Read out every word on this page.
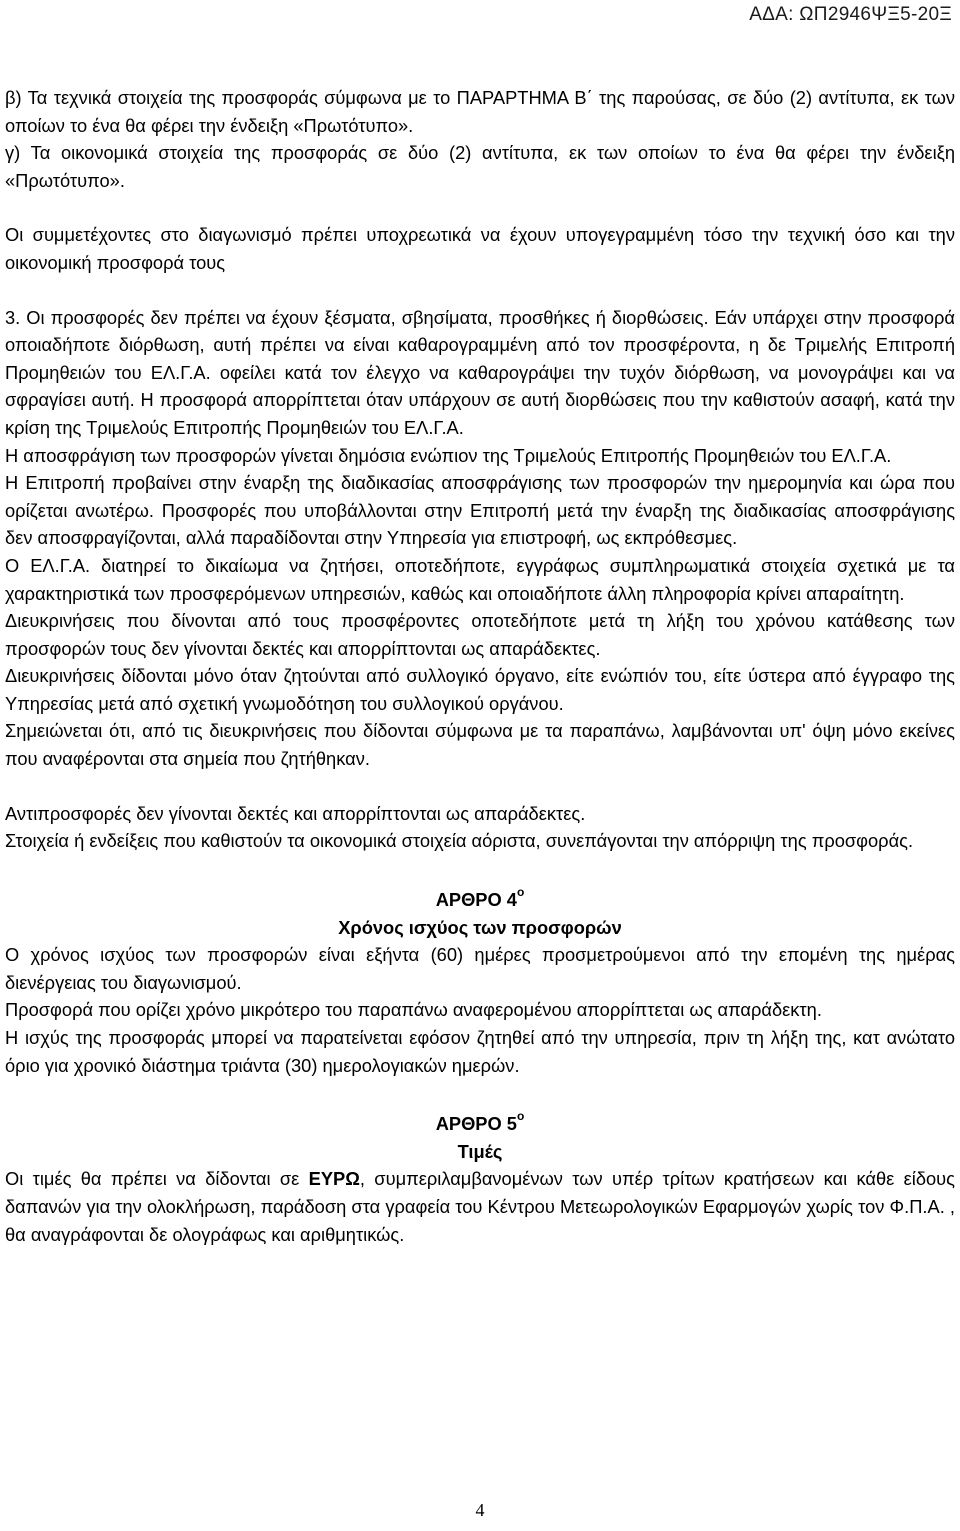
ΑΔΑ: ΩΠ2946ΨΞ5-20Ξ

β) Τα τεχνικά στοιχεία της προσφοράς σύμφωνα με το ΠΑΡΑΡΤΗΜΑ Β΄ της παρούσας, σε δύο (2) αντίτυπα, εκ των οποίων το ένα θα φέρει την ένδειξη «Πρωτότυπο».

γ) Τα οικονομικά στοιχεία της προσφοράς σε δύο (2) αντίτυπα, εκ των οποίων το ένα θα φέρει την ένδειξη «Πρωτότυπο».

Οι συμμετέχοντες στο διαγωνισμό πρέπει υποχρεωτικά να έχουν υπογεγραμμένη τόσο την τεχνική όσο και την οικονομική προσφορά τους

3. Οι προσφορές δεν πρέπει να έχουν ξέσματα, σβησίματα, προσθήκες ή διορθώσεις. Εάν υπάρχει στην προσφορά οποιαδήποτε διόρθωση, αυτή πρέπει να είναι καθαρογραμμένη από τον προσφέροντα, η δε Τριμελής Επιτροπή Προμηθειών του ΕΛ.Γ.Α. οφείλει κατά τον έλεγχο να καθαρογράψει την τυχόν διόρθωση, να μονογράψει και να σφραγίσει αυτή. Η προσφορά απορρίπτεται όταν υπάρχουν σε αυτή διορθώσεις που την καθιστούν ασαφή, κατά την κρίση της Τριμελούς Επιτροπής Προμηθειών του ΕΛ.Γ.Α.

Η αποσφράγιση των προσφορών γίνεται δημόσια ενώπιον της Τριμελούς Επιτροπής Προμηθειών του ΕΛ.Γ.Α.

Η Επιτροπή προβαίνει στην έναρξη της διαδικασίας αποσφράγισης των προσφορών την ημερομηνία και ώρα που ορίζεται ανωτέρω. Προσφορές που υποβάλλονται στην Επιτροπή μετά την έναρξη της διαδικασίας αποσφράγισης δεν αποσφραγίζονται, αλλά παραδίδονται στην Υπηρεσία για επιστροφή, ως εκπρόθεσμες.

Ο ΕΛ.Γ.Α. διατηρεί το δικαίωμα να ζητήσει, οποτεδήποτε, εγγράφως συμπληρωματικά στοιχεία σχετικά με τα χαρακτηριστικά των προσφερόμενων υπηρεσιών, καθώς και οποιαδήποτε άλλη πληροφορία κρίνει απαραίτητη.

Διευκρινήσεις που δίνονται από τους προσφέροντες οποτεδήποτε μετά τη λήξη του χρόνου κατάθεσης των προσφορών τους δεν γίνονται δεκτές και απορρίπτονται ως απαράδεκτες.

Διευκρινήσεις δίδονται μόνο όταν ζητούνται από συλλογικό όργανο, είτε ενώπιόν του, είτε ύστερα από έγγραφο της Υπηρεσίας μετά από σχετική γνωμοδότηση του συλλογικού οργάνου.

Σημειώνεται ότι, από τις διευκρινήσεις που δίδονται σύμφωνα με τα παραπάνω, λαμβάνονται υπ' όψη μόνο εκείνες που αναφέρονται στα σημεία που ζητήθηκαν.

Αντιπροσφορές δεν γίνονται δεκτές και απορρίπτονται ως απαράδεκτες.

Στοιχεία ή ενδείξεις που καθιστούν τα οικονομικά στοιχεία αόριστα, συνεπάγονται την απόρριψη της προσφοράς.

ΑΡΘΡΟ $4^o$

Χρόνος ισχύος των προσφορών

Ο χρόνος ισχύος των προσφορών είναι εξήντα (60) ημέρες προσμετρούμενοι από την επομένη της ημέρας διενέργειας του διαγωνισμού.

Προσφορά που ορίζει χρόνο μικρότερο του παραπάνω αναφερομένου απορρίπτεται ως απαράδεκτη.

Η ισχύς της προσφοράς μπορεί να παρατείνεται εφόσον ζητηθεί από την υπηρεσία, πριν τη λήξη της, κατ ανώτατο όριο για χρονικό διάστημα τριάντα (30) ημερολογιακών ημερών.

ΑΡΘΡΟ $5^o$

Τιμές

Οι τιμές θα πρέπει να δίδονται σε ΕΥΡΩ, συμπεριλαμβανομένων των υπέρ τρίτων κρατήσεων και κάθε είδους δαπανών για την ολοκλήρωση, παράδοση στα γραφεία του Κέντρου Μετεωρολογικών Εφαρμογών χωρίς τον Φ.Π.Α. , θα αναγράφονται δε ολογράφως και αριθμητικώς.

4
